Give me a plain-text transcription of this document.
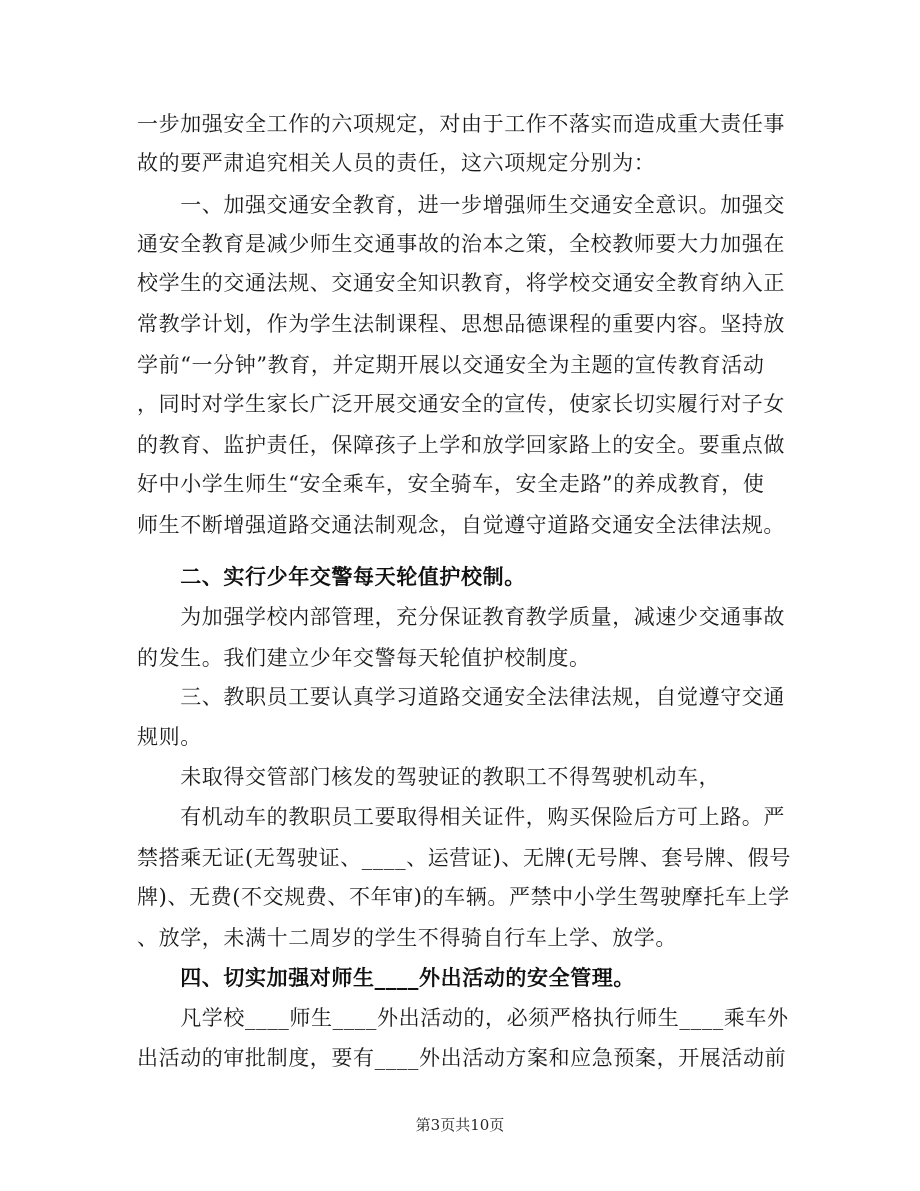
一步加强安全工作的六项规定，对由于工作不落实而造成重大责任事
故的要严肃追究相关人员的责任，这六项规定分别为：
　　一、加强交通安全教育，进一步增强师生交通安全意识。加强交
通安全教育是减少师生交通事故的治本之策，全校教师要大力加强在
校学生的交通法规、交通安全知识教育，将学校交通安全教育纳入正
常教学计划，作为学生法制课程、思想品德课程的重要内容。坚持放
学前“一分钟”教育，并定期开展以交通安全为主题的宣传教育活动
，同时对学生家长广泛开展交通安全的宣传，使家长切实履行对子女
的教育、监护责任，保障孩子上学和放学回家路上的安全。要重点做
好中小学生师生“安全乘车，安全骑车，安全走路”的养成教育，使
师生不断增强道路交通法制观念，自觉遵守道路交通安全法律法规。
　　二、实行少年交警每天轮值护校制。
　　为加强学校内部管理，充分保证教育教学质量，减速少交通事故
的发生。我们建立少年交警每天轮值护校制度。
　　三、教职员工要认真学习道路交通安全法律法规，自觉遵守交通
规则。
　　未取得交管部门核发的驾驶证的教职工不得驾驶机动车，
　　有机动车的教职员工要取得相关证件，购买保险后方可上路。严
禁搭乘无证(无驾驶证、____、运营证)、无牌(无号牌、套号牌、假号
牌)、无费(不交规费、不年审)的车辆。严禁中小学生驾驶摩托车上学
、放学，未满十二周岁的学生不得骑自行车上学、放学。
　　四、切实加强对师生____外出活动的安全管理。
　　凡学校____师生____外出活动的，必须严格执行师生____乘车外
出活动的审批制度，要有____外出活动方案和应急预案，开展活动前
第3页共10页
